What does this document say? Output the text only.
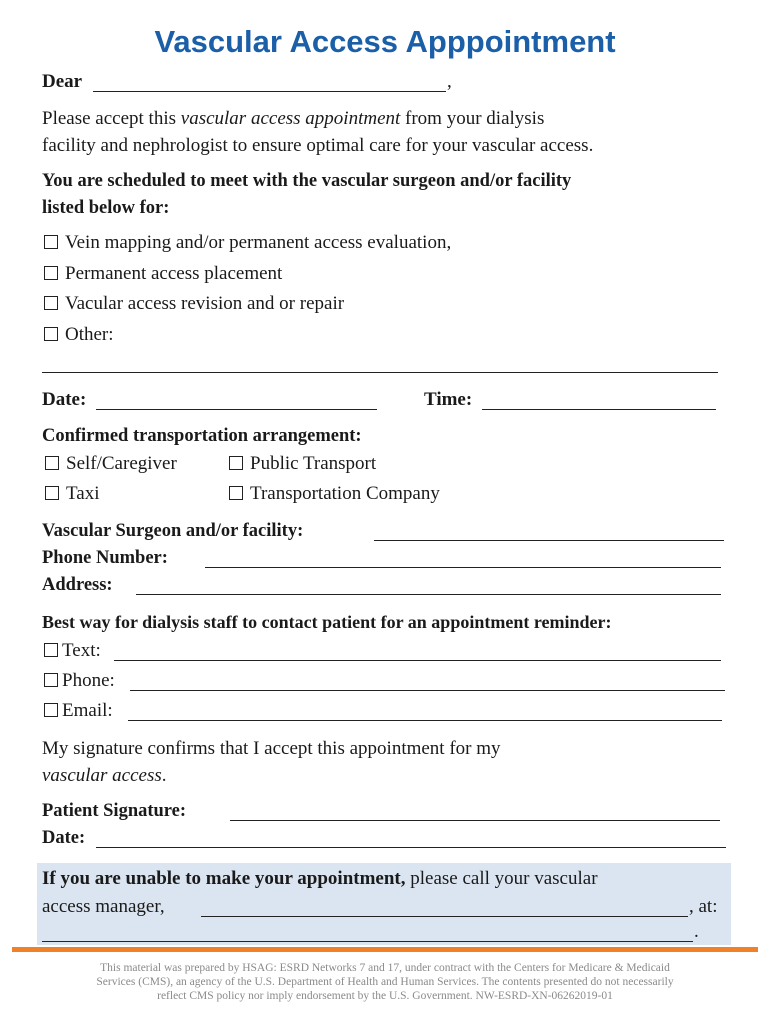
Vascular Access Apppointment
Dear	,
Please accept this vascular access appointment from your dialysis
facility and nephrologist to ensure optimal care for your vascular access.
You are scheduled to meet with the vascular surgeon and/or facility
listed below for:
Vein mapping and/or permanent access evaluation,
Permanent access placement
Vacular access revision and or repair
Other:
Date:	Time:
Confirmed transportation arrangement:
Self/Caregiver	Public Transport
Taxi	Transportation Company
Vascular Surgeon and/or facility:
Phone Number:
Address:
Best way for dialysis staff to contact patient for an appointment reminder:
Text:
Phone:
Email:
My signature confirms that I accept this appointment for my
vascular access.
Patient Signature:
Date:
If you are unable to make your appointment, please call your vascular
access manager,	, at:
.
This material was prepared by HSAG: ESRD Networks 7 and 17, under contract with the Centers for Medicare & Medicaid
Services (CMS), an agency of the U.S. Department of Health and Human Services. The contents presented do not necessarily
reflect CMS policy nor imply endorsement by the U.S. Government. NW-ESRD-XN-06262019-01
